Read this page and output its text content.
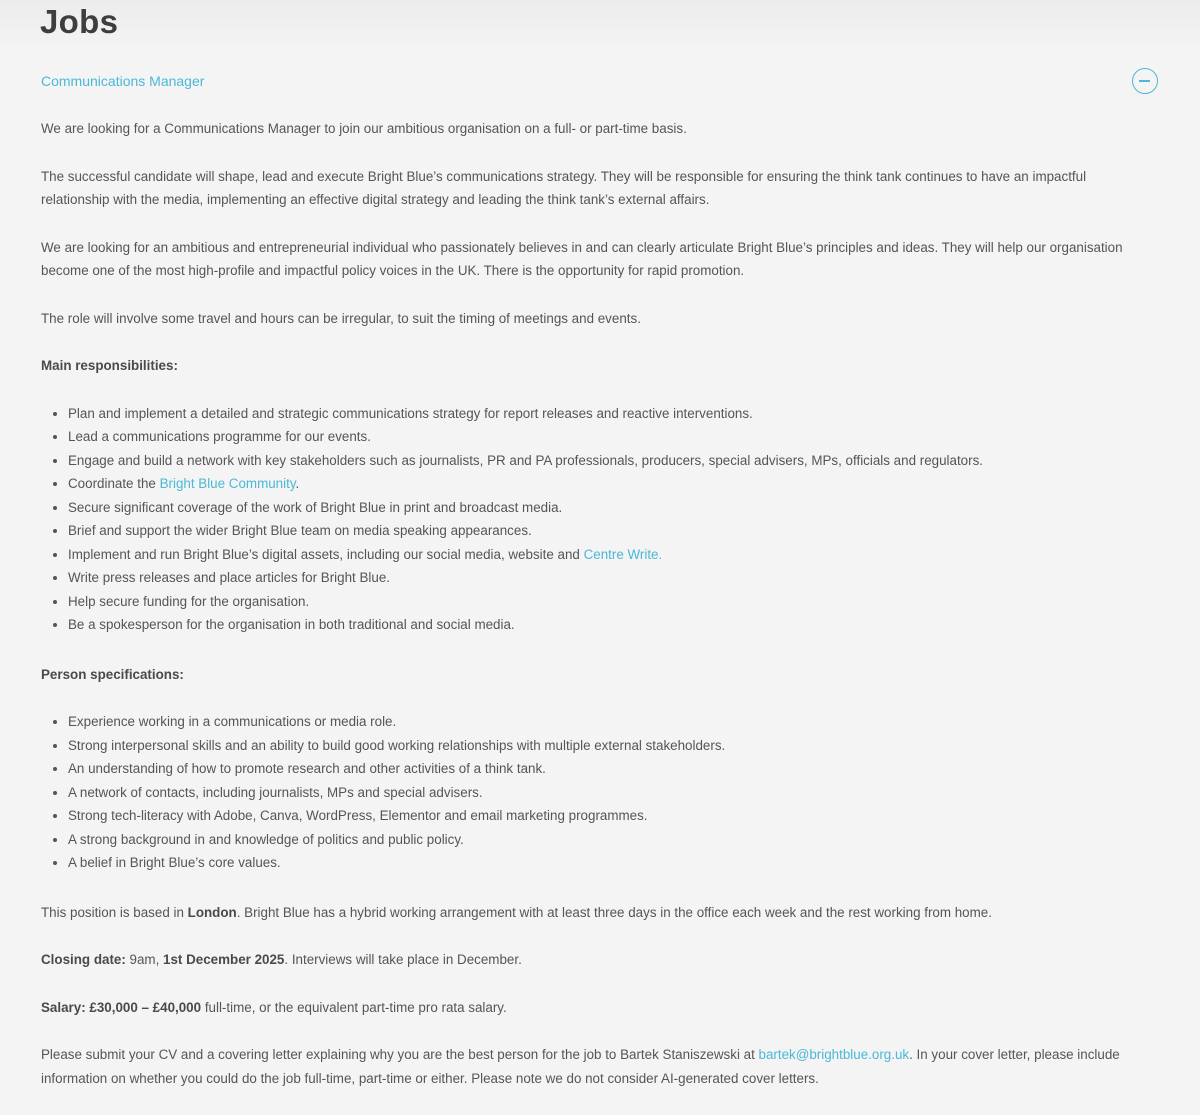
Jobs
Communications Manager

We are looking for a Communications Manager to join our ambitious organisation on a full- or part-time basis.

The successful candidate will shape, lead and execute Bright Blue’s communications strategy. They will be responsible for ensuring the think tank continues to have an impactful relationship with the media, implementing an effective digital strategy and leading the think tank’s external affairs.

We are looking for an ambitious and entrepreneurial individual who passionately believes in and can clearly articulate Bright Blue’s principles and ideas. They will help our organisation become one of the most high-profile and impactful policy voices in the UK. There is the opportunity for rapid promotion.

The role will involve some travel and hours can be irregular, to suit the timing of meetings and events.

Main responsibilities:

• Plan and implement a detailed and strategic communications strategy for report releases and reactive interventions.
• Lead a communications programme for our events.
• Engage and build a network with key stakeholders such as journalists, PR and PA professionals, producers, special advisers, MPs, officials and regulators.
• Coordinate the Bright Blue Community.
• Secure significant coverage of the work of Bright Blue in print and broadcast media.
• Brief and support the wider Bright Blue team on media speaking appearances.
• Implement and run Bright Blue’s digital assets, including our social media, website and Centre Write.
• Write press releases and place articles for Bright Blue.
• Help secure funding for the organisation.
• Be a spokesperson for the organisation in both traditional and social media.

Person specifications:

• Experience working in a communications or media role.
• Strong interpersonal skills and an ability to build good working relationships with multiple external stakeholders.
• An understanding of how to promote research and other activities of a think tank.
• A network of contacts, including journalists, MPs and special advisers.
• Strong tech-literacy with Adobe, Canva, WordPress, Elementor and email marketing programmes.
• A strong background in and knowledge of politics and public policy.
• A belief in Bright Blue’s core values.

This position is based in London. Bright Blue has a hybrid working arrangement with at least three days in the office each week and the rest working from home.

Closing date: 9am, 1st December 2025. Interviews will take place in December.

Salary: £30,000 – £40,000 full-time, or the equivalent part-time pro rata salary.

Please submit your CV and a covering letter explaining why you are the best person for the job to Bartek Staniszewski at bartek@brightblue.org.uk. In your cover letter, please include information on whether you could do the job full-time, part-time or either. Please note we do not consider AI-generated cover letters.
